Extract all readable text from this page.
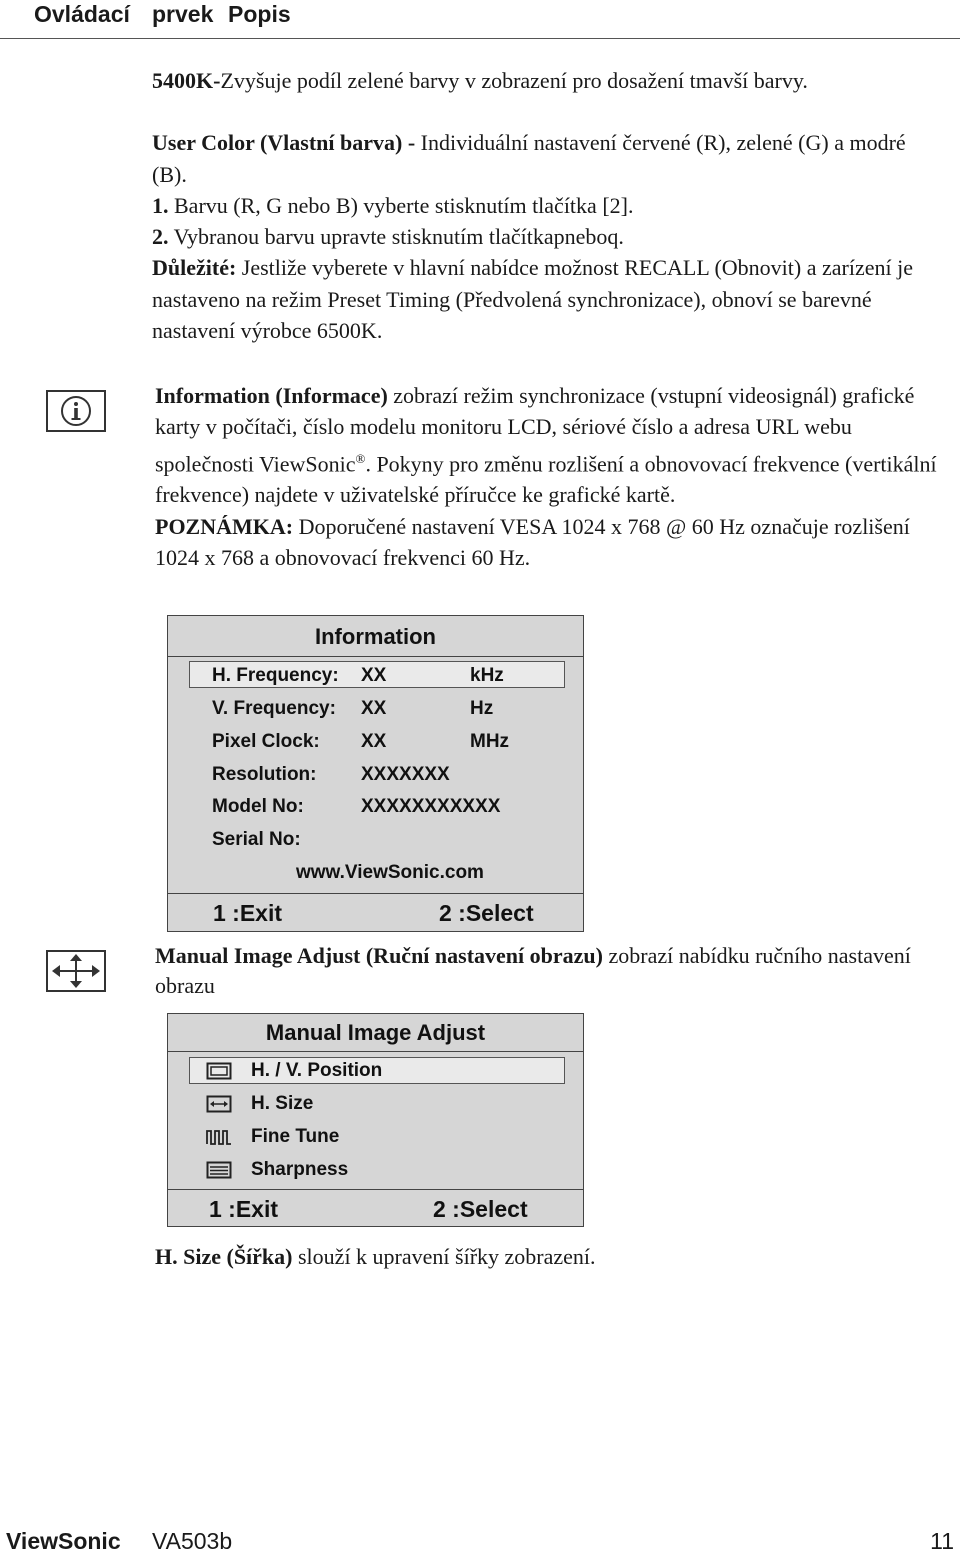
Ovládací prvek Popis

5400K-Zvyšuje podíl zelené barvy v zobrazení pro dosažení tmavší barvy.

User Color (Vlastní barva) - Individuální nastavení červené (R), zelené (G) a modré (B).

1. Barvu (R, G nebo B) vyberte stisknutím tlačítka [2].

2. Vybranou barvu upravte stisknutím tlačítkapneboq.

Důležité: Jestliže vyberete v hlavní nabídce možnost RECALL (Obnovit) a zarízení je nastaveno na režim Preset Timing (Předvolená synchronizace), obnoví se barevné nastavení výrobce 6500K.

Information (Informace) zobrazí režim synchronizace (vstupní videosignál) grafické karty v počítači, číslo modelu monitoru LCD, sériové číslo a adresa URL webu společnosti ViewSonic®. Pokyny pro změnu rozlišení a obnovovací frekvence (vertikální frekvence) najdete v uživatelské příručce ke grafické kartě.

POZNÁMKA: Doporučené nastavení VESA 1024 x 768 @ 60 Hz označuje rozlišení 1024 x 768 a obnovovací frekvenci 60 Hz.

Information
H. Frequency: XX	kHz
V. Frequency: XX	Hz
Pixel Clock: XX	MHz
Resolution: XXXXXXX
Model No:	XXXXXXXXXXX
Serial No:
www.ViewSonic.com
1 :Exit	2 :Select

Manual Image Adjust (Ruční nastavení obrazu) zobrazí nabídku ručního nastavení obrazu

Manual Image Adjust
H. / V. Position
H. Size
Fine Tune
Sharpness
1 :Exit	2 :Select

H. Size (Šířka) slouží k upravení šířky zobrazení.

ViewSonic VA503b	11
